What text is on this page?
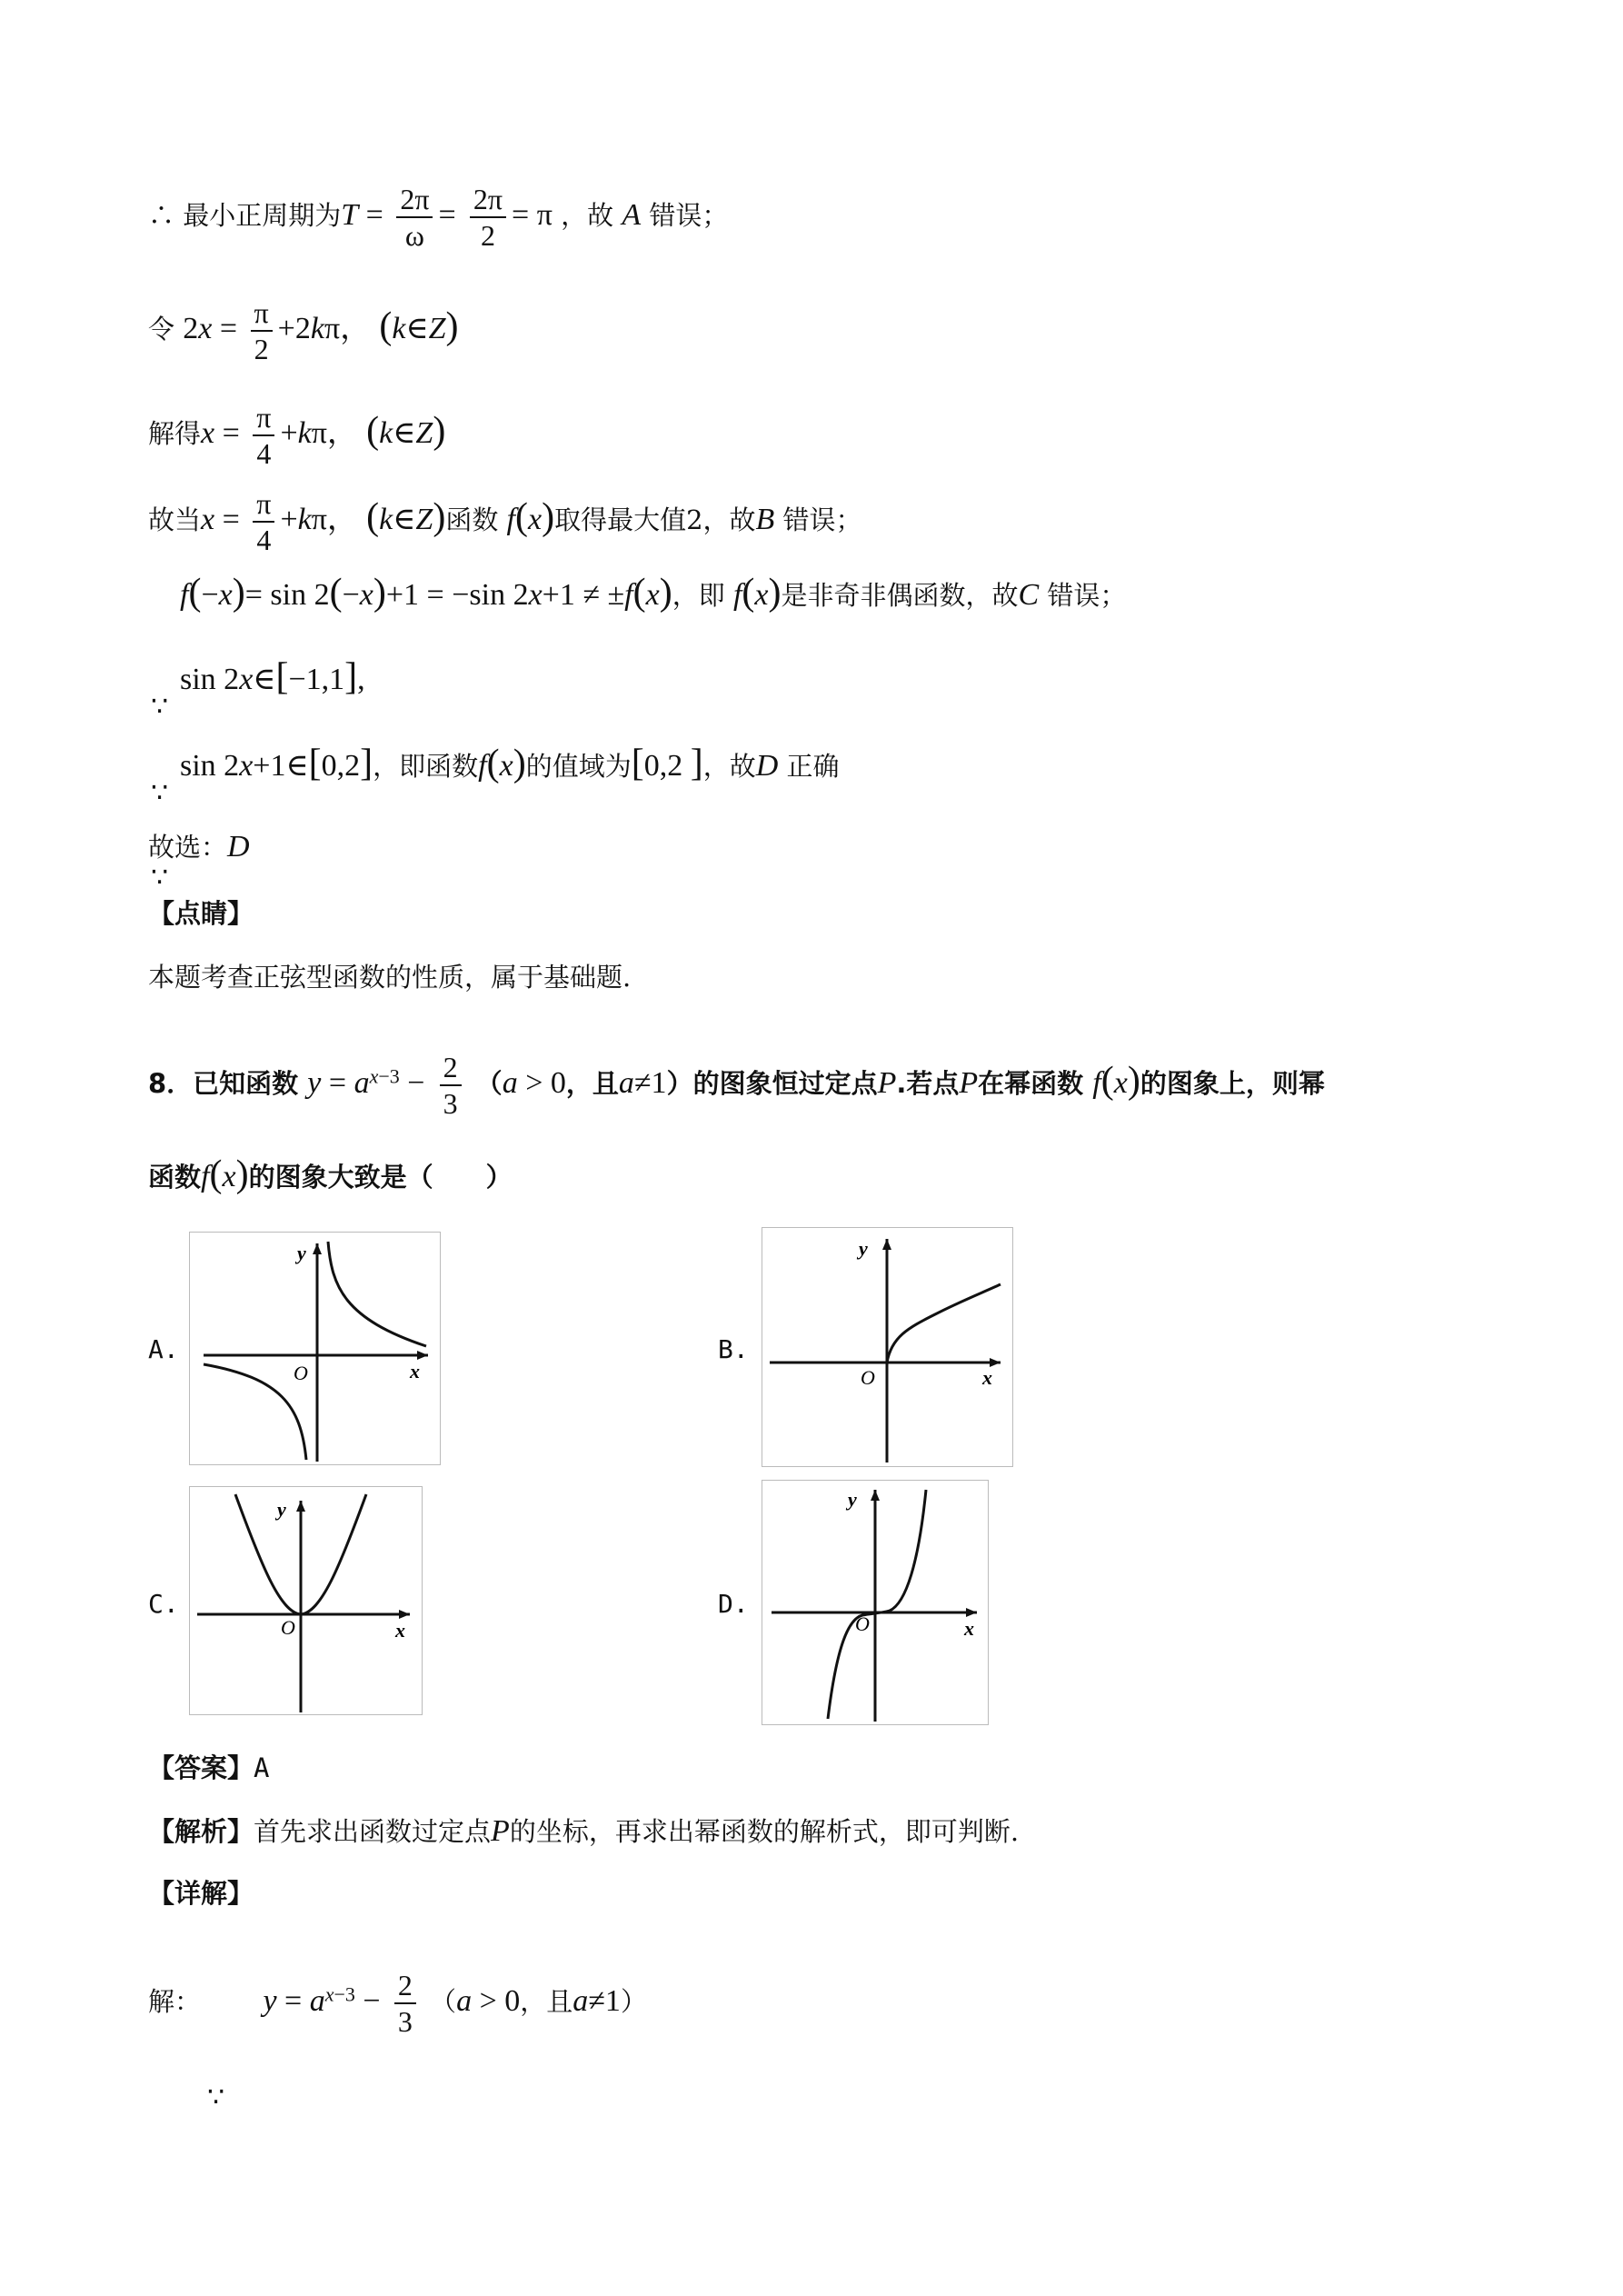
∴ 最小正周期为$T = \frac{2\pi}{\omega} = \frac{2\pi}{2} = \pi$ ，故 A 错误；
令 $2x = \frac{\pi}{2} +2k\pi$， (k∈Z)
解得$x = \frac{\pi}{4} +k\pi$， (k∈Z)
故当$x = \frac{\pi}{4} +k\pi$， (k∈Z)函数 f(x)取得最大值2，故B 错误；
f(−x)= sin 2(−x)+1 = −sin 2x+1 ≠ ±f(x)，即 f(x)是非奇非偶函数，故C 错误；
sin 2x∈[−1,1],
∵
sin 2x+1∈[0,2]，即函数f(x)的值域为[0,2 ]，故D 正确
∵
故选：D
∵
【点睛】
本题考查正弦型函数的性质，属于基础题.
8．已知函数 $y = a^{x-3} - \frac{2}{3} (a > 0$，且a≠1）的图象恒过定点P.若点P在幂函数 f(x)的图象上，则幂
函数f(x)的图象大致是（　　）
A.
y
x
O
B.
y
x
O
C.
y
x
O
D.
y
x
O
【答案】A
【解析】首先求出函数过定点P的坐标，再求出幂函数的解析式，即可判断.
【详解】
解： $y = a^{x-3} - \frac{2}{3} (a > 0$，且a≠1）
∵
